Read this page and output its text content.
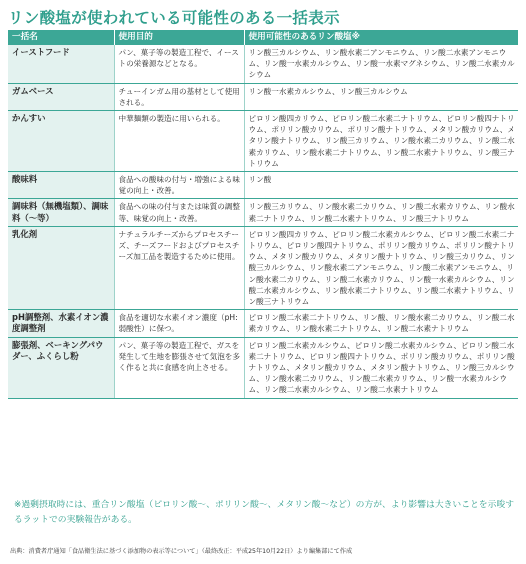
リン酸塩が使われている可能性のある一括表示
一括名	使用目的	使用可能性のあるリン酸塩※
イーストフード	パン、菓子等の製造工程で、イーストの栄養源などとなる。	リン酸三カルシウム、リン酸水素二アンモニウム、リン酸二水素アンモニウム、リン酸一水素カルシウム、リン酸一水素マグネシウム、リン酸二水素カルシウム
ガムベース	チューインガム用の基材として使用される。	リン酸一水素カルシウム、リン酸三カルシウム
かんすい	中華麺類の製造に用いられる。	ピロリン酸四カリウム、ピロリン酸二水素二ナトリウム、ピロリン酸四ナトリウム、ポリリン酸カリウム、ポリリン酸ナトリウム、メタリン酸カリウム、メタリン酸ナトリウム、リン酸三カリウム、リン酸水素二カリウム、リン酸二水素カリウム、リン酸水素二ナトリウム、リン酸二水素ナトリウム、リン酸三ナトリウム
酸味料	食品への酸味の付与・増強による味覚の向上・改善。	リン酸
調味料（無機塩類）、調味料（〜等）	食品への味の付与または味質の調整等、味覚の向上・改善。	リン酸三カリウム、リン酸水素二カリウム、リン酸二水素カリウム、リン酸水素二ナトリウム、リン酸二水素ナトリウム、リン酸三ナトリウム
乳化剤	ナチュラルチーズからプロセスチーズ、チーズフードおよびプロセスチーズ加工品を製造するために使用。	ピロリン酸四カリウム、ピロリン酸二水素カルシウム、ピロリン酸二水素二ナトリウム、ピロリン酸四ナトリウム、ポリリン酸カリウム、ポリリン酸ナトリウム、メタリン酸カリウム、メタリン酸ナトリウム、リン酸三カリウム、リン酸三カルシウム、リン酸水素二アンモニウム、リン酸二水素アンモニウム、リン酸水素二カリウム、リン酸二水素カリウム、リン酸一水素カルシウム、リン酸二水素カルシウム、リン酸水素二ナトリウム、リン酸二水素ナトリウム、リン酸三ナトリウム
pH調整剤、水素イオン濃度調整剤	食品を適切な水素イオン濃度（pH:弱酸性）に保つ。	ピロリン酸二水素二ナトリウム、リン酸、リン酸水素二カリウム、リン酸二水素カリウム、リン酸水素二ナトリウム、リン酸二水素ナトリウム
膨張剤、ベーキングパウダー、ふくらし粉	パン、菓子等の製造工程で、ガスを発生して生地を膨張させて気泡を多く作ると共に食感を向上させる。	ピロリン酸二水素カルシウム、ピロリン酸二水素カルシウム、ピロリン酸二水素二ナトリウム、ピロリン酸四ナトリウム、ポリリン酸カリウム、ポリリン酸ナトリウム、メタリン酸カリウム、メタリン酸ナトリウム、リン酸三カルシウム、リン酸水素二カリウム、リン酸二水素カリウム、リン酸一水素カルシウム、リン酸二水素カルシウム、リン酸二水素ナトリウム
※過剰摂取時には、重合リン酸塩（ピロリン酸〜、ポリリン酸〜、メタリン酸〜など）の方が、より影響は大きいことを示唆するラットでの実験報告がある。
出典：消費者庁通知「食品衛生法に基づく添加物の表示等について」（最終改正：平成25年10月22日）より編集部にて作成
